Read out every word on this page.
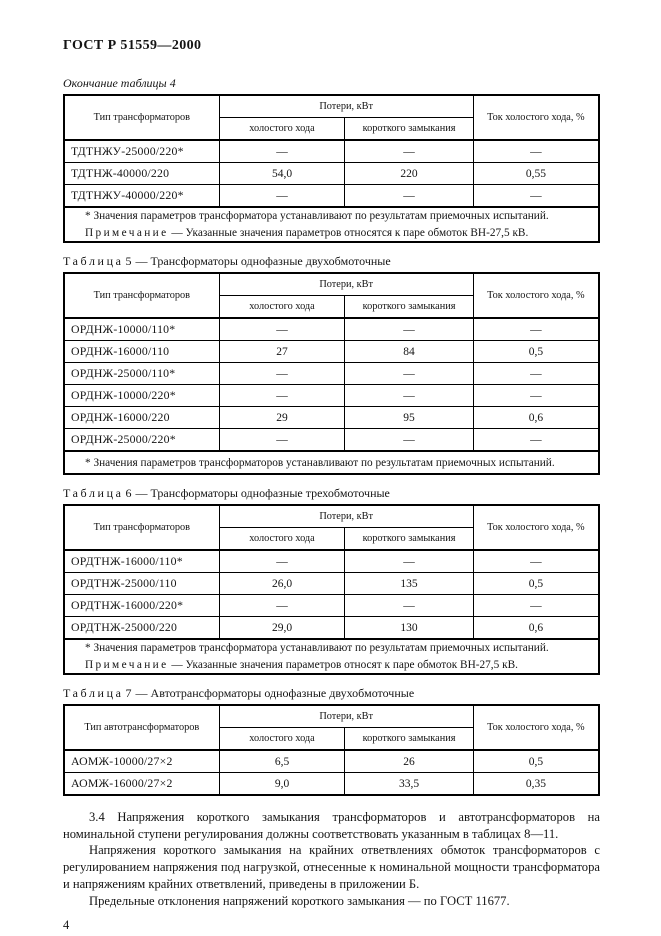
ГОСТ Р 51559—2000

Окончание таблицы 4

Тип трансформаторов	Потери, кВт		Ток холостого хода, %
	холостого хода	короткого замыкания	
ТДТНЖУ-25000/220*	—	—	—
ТДТНЖ-40000/220	54,0	220	0,55
ТДТНЖУ-40000/220*	—	—	—

* Значения параметров трансформатора устанавливают по результатам приемочных испытаний.

Примечание — Указанные значения параметров относятся к паре обмоток ВН-27,5 кВ.			

Таблица 5 — Трансформаторы однофазные двухобмоточные

Тип трансформаторов	Потери, кВт		Ток холостого хода, %
	холостого хода	короткого замыкания	
ОРДНЖ-10000/110*	—	—	—
ОРДНЖ-16000/110	27	84	0,5
ОРДНЖ-25000/110*	—	—	—
ОРДНЖ-10000/220*	—	—	—
ОРДНЖ-16000/220	29	95	0,6
ОРДНЖ-25000/220*	—	—	—

* Значения параметров трансформаторов устанавливают по результатам приемочных испытаний.			

Таблица 6 — Трансформаторы однофазные трехобмоточные

Тип трансформаторов	Потери, кВт		Ток холостого хода, %
	холостого хода	короткого замыкания	
ОРДТНЖ-16000/110*	—	—	—
ОРДТНЖ-25000/110	26,0	135	0,5
ОРДТНЖ-16000/220*	—	—	—
ОРДТНЖ-25000/220	29,0	130	0,6

* Значения параметров трансформатора устанавливают по результатам приемочных испытаний.

Примечание — Указанные значения параметров относят к паре обмоток ВН-27,5 кВ.			

Таблица 7 — Автотрансформаторы однофазные двухобмоточные

Тип автотрансформаторов	Потери, кВт		Ток холостого хода, %
	холостого хода	короткого замыкания	
АОМЖ-10000/27×2	6,5	26	0,5
АОМЖ-16000/27×2	9,0	33,5	0,35

3.4 Напряжения короткого замыкания трансформаторов и автотрансформаторов на номинальной ступени регулирования должны соответствовать указанным в таблицах 8—11.

Напряжения короткого замыкания на крайних ответвлениях обмоток трансформаторов с регулированием напряжения под нагрузкой, отнесенные к номинальной мощности трансформатора и напряжениям крайних ответвлений, приведены в приложении Б.

Предельные отклонения напряжений короткого замыкания — по ГОСТ 11677.

4
